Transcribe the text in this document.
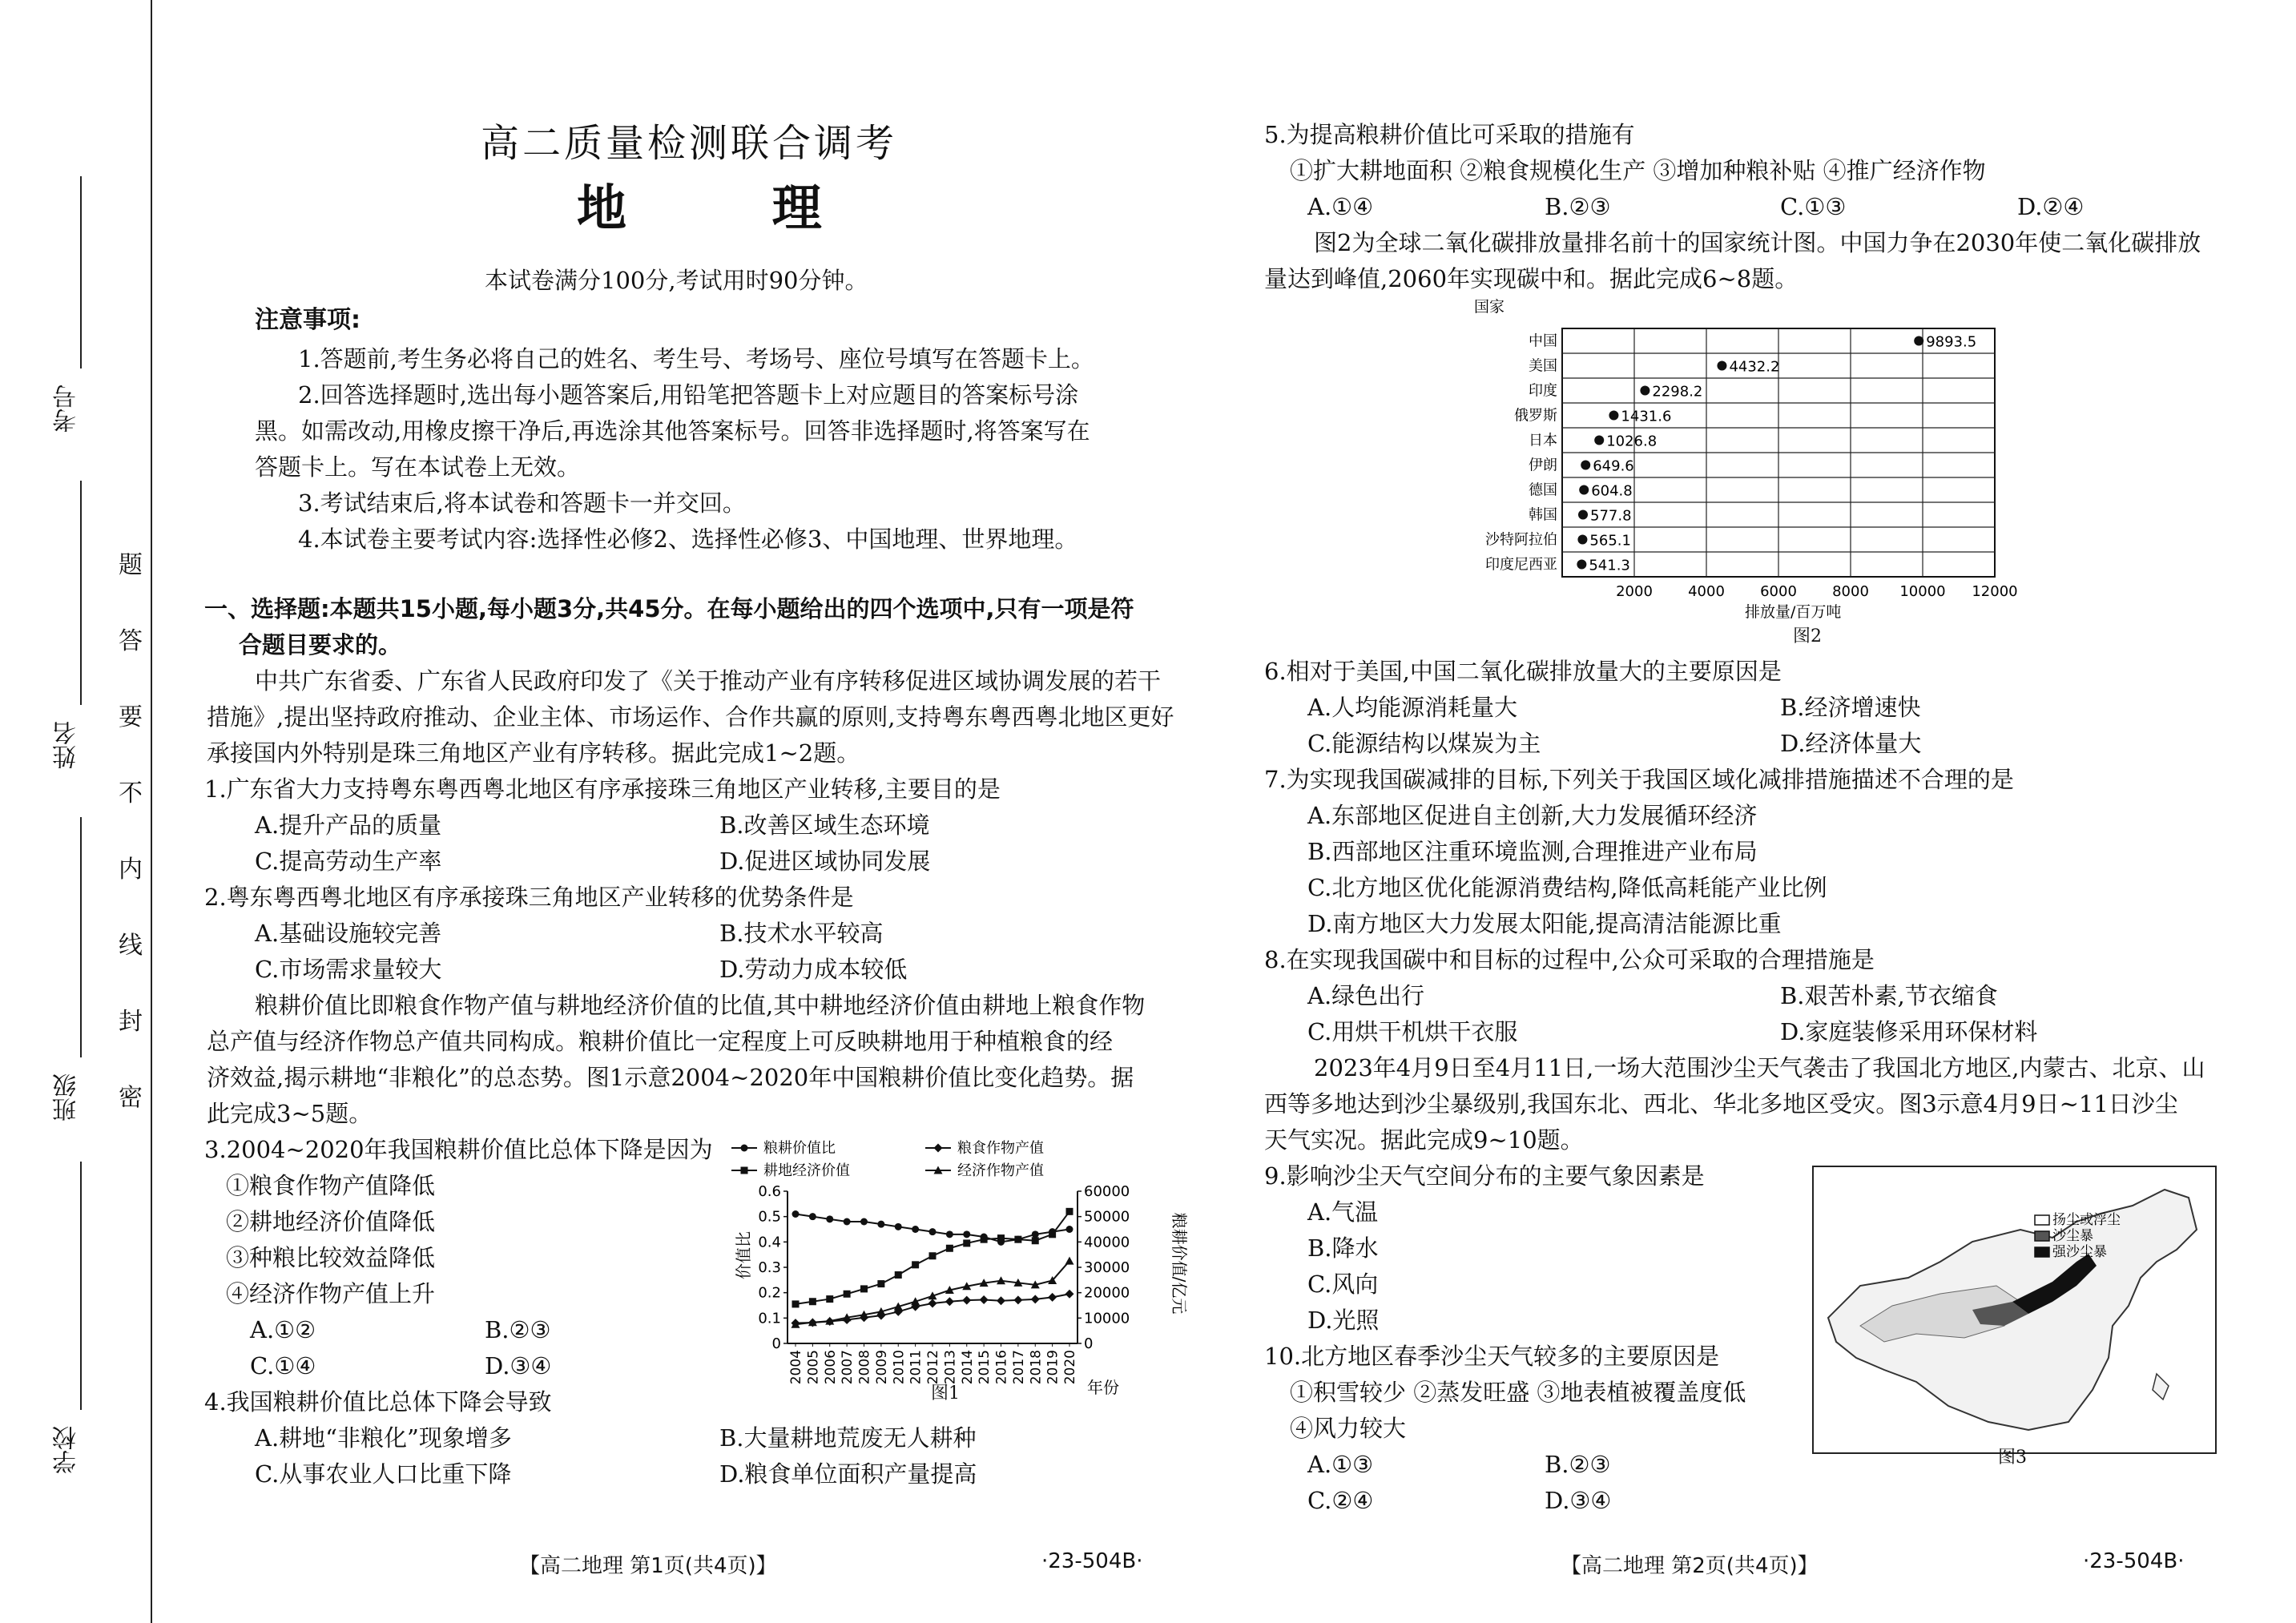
考号
姓名
班级
学校
题
答
要
不
内
线
封
密
高二质量检测联合调考
地 理
本试卷满分100分,考试用时90分钟。
注意事项:
1.答题前,考生务必将自己的姓名、考生号、考场号、座位号填写在答题卡上。
2.回答选择题时,选出每小题答案后,用铅笔把答题卡上对应题目的答案标号涂
黑。如需改动,用橡皮擦干净后,再选涂其他答案标号。回答非选择题时,将答案写在
答题卡上。写在本试卷上无效。
3.考试结束后,将本试卷和答题卡一并交回。
4.本试卷主要考试内容:选择性必修2、选择性必修3、中国地理、世界地理。
一、选择题:本题共15小题,每小题3分,共45分。在每小题给出的四个选项中,只有一项是符
合题目要求的。
中共广东省委、广东省人民政府印发了《关于推动产业有序转移促进区域协调发展的若干
措施》,提出坚持政府推动、企业主体、市场运作、合作共赢的原则,支持粤东粤西粤北地区更好
承接国内外特别是珠三角地区产业有序转移。据此完成1~2题。
1.广东省大力支持粤东粤西粤北地区有序承接珠三角地区产业转移,主要目的是
A.提升产品的质量	B.改善区域生态环境
C.提高劳动生产率	D.促进区域协同发展
2.粤东粤西粤北地区有序承接珠三角地区产业转移的优势条件是
A.基础设施较完善	B.技术水平较高
C.市场需求量较大	D.劳动力成本较低
粮耕价值比即粮食作物产值与耕地经济价值的比值,其中耕地经济价值由耕地上粮食作物
总产值与经济作物总产值共同构成。粮耕价值比一定程度上可反映耕地用于种植粮食的经
济效益,揭示耕地“非粮化”的总态势。图1示意2004~2020年中国粮耕价值比变化趋势。据
此完成3~5题。
3.2004~2020年我国粮耕价值比总体下降是因为
①粮食作物产值降低
②耕地经济价值降低
③种粮比较效益降低
④经济作物产值上升
A.①②	B.②③
C.①④	D.③④
4.我国粮耕价值比总体下降会导致
A.耕地“非粮化”现象增多	B.大量耕地荒废无人耕种
C.从事农业人口比重下降	D.粮食单位面积产量提高
粮耕价值比	粮食作物产值
耕地经济价值	经济作物产值
0
0.1
0.2
0.3
0.4
0.5
0.6
0
10000
20000
30000
40000
50000
60000
2004 2005 2006 2007 2008 2009 2010 2011 2012 2013 2014 2015 2016 2017 2018 2019 2020
价值比	粮耕价值/亿元
年份
图1
【高二地理 第1页(共4页)】	·23-504B·
5.为提高粮耕价值比可采取的措施有
①扩大耕地面积 ②粮食规模化生产 ③增加种粮补贴 ④推广经济作物
A.①④	B.②③	C.①③	D.②④
图2为全球二氧化碳排放量排名前十的国家统计图。中国力争在2030年使二氧化碳排放
量达到峰值,2060年实现碳中和。据此完成6~8题。
中国
美国
印度
俄罗斯
日本
伊朗
德国
韩国
沙特阿拉伯
印度尼西亚
9893.5
4432.2
2298.2
1431.6
1026.8
649.6
604.8
577.8
565.1
541.3
2000 4000 6000 8000 10000 12000
国家
排放量/百万吨
图2
6.相对于美国,中国二氧化碳排放量大的主要原因是
A.人均能源消耗量大	B.经济增速快
C.能源结构以煤炭为主	D.经济体量大
7.为实现我国碳减排的目标,下列关于我国区域化减排措施描述不合理的是
A.东部地区促进自主创新,大力发展循环经济
B.西部地区注重环境监测,合理推进产业布局
C.北方地区优化能源消费结构,降低高耗能产业比例
D.南方地区大力发展太阳能,提高清洁能源比重
8.在实现我国碳中和目标的过程中,公众可采取的合理措施是
A.绿色出行	B.艰苦朴素,节衣缩食
C.用烘干机烘干衣服	D.家庭装修采用环保材料
2023年4月9日至4月11日,一场大范围沙尘天气袭击了我国北方地区,内蒙古、北京、山
西等多地达到沙尘暴级别,我国东北、西北、华北多地区受灾。图3示意4月9日~11日沙尘
天气实况。据此完成9~10题。
9.影响沙尘天气空间分布的主要气象因素是
A.气温
B.降水
C.风向
D.光照
10.北方地区春季沙尘天气较多的主要原因是
①积雪较少 ②蒸发旺盛 ③地表植被覆盖度低
④风力较大
A.①③	B.②③
C.②④	D.③④
扬尘或浮尘
沙尘暴
强沙尘暴
图3
【高二地理 第2页(共4页)】	·23-504B·
